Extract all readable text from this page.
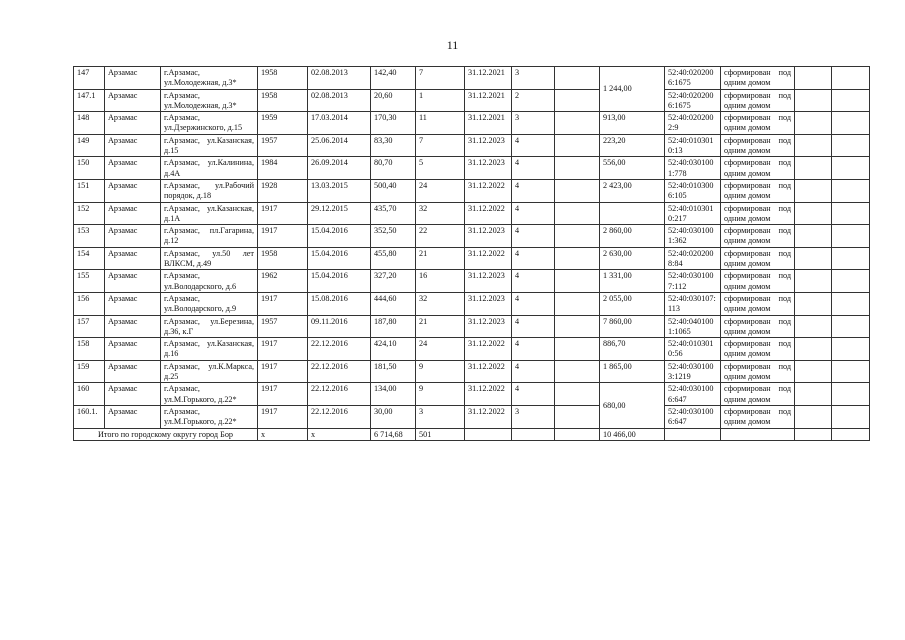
11
147	Арзамас	г.Арзамас, ул.Молодежная, д.3*	1958	02.08.2013	142,40	7	31.12.2021	3		1 244,00	52:40:0202006:1675	сформирован под одним домом		
147.1	Арзамас	г.Арзамас, ул.Молодежная, д.3*	1958	02.08.2013	20,60	1	31.12.2021	2			52:40:0202006:1675	сформирован под одним домом		
148	Арзамас	г.Арзамас, ул.Дзержинского, д.15	1959	17.03.2014	170,30	11	31.12.2021	3		913,00	52:40:0202002:9	сформирован под одним домом		
149	Арзамас	г.Арзамас, ул.Казанская, д.15	1957	25.06.2014	83,30	7	31.12.2023	4		223,20	52:40:0103010:13	сформирован под одним домом		
150	Арзамас	г.Арзамас, ул.Калинина, д.4А	1984	26.09.2014	80,70	5	31.12.2023	4		556,00	52:40:0301001:778	сформирован под одним домом		
151	Арзамас	г.Арзамас, ул.Рабочий порядок, д.18	1928	13.03.2015	500,40	24	31.12.2022	4		2 423,00	52:40:0103006:105	сформирован под одним домом		
152	Арзамас	г.Арзамас, ул.Казанская, д.1А	1917	29.12.2015	435,70	32	31.12.2022	4			52:40:0103010:217	сформирован под одним домом		
153	Арзамас	г.Арзамас, пл.Гагарина, д.12	1917	15.04.2016	352,50	22	31.12.2023	4		2 860,00	52:40:0301001:362	сформирован под одним домом		
154	Арзамас	г.Арзамас, ул.50 лет ВЛКСМ, д.49	1958	15.04.2016	455,80	21	31.12.2022	4		2 630,00	52:40:0202008:84	сформирован под одним домом		
155	Арзамас	г.Арзамас, ул.Володарского, д.6	1962	15.04.2016	327,20	16	31.12.2023	4		1 331,00	52:40:0301007:112	сформирован под одним домом		
156	Арзамас	г.Арзамас, ул.Володарского, д.9	1917	15.08.2016	444,60	32	31.12.2023	4		2 055,00	52:40:030107:113	сформирован под одним домом		
157	Арзамас	г.Арзамас, ул.Березина, д.36, к.Г	1957	09.11.2016	187,80	21	31.12.2023	4		7 860,00	52:40:0401001:1065	сформирован под одним домом		
158	Арзамас	г.Арзамас, ул.Казанская, д.16	1917	22.12.2016	424,10	24	31.12.2022	4		886,70	52:40:0103010:56	сформирован под одним домом		
159	Арзамас	г.Арзамас, ул.К.Маркса, д.25	1917	22.12.2016	181,50	9	31.12.2022	4		1 865,00	52:40:0301003:1219	сформирован под одним домом		
160	Арзамас	г.Арзамас, ул.М.Горького, д.22*	1917	22.12.2016	134,00	9	31.12.2022	4		680,00	52:40:0301006:647	сформирован под одним домом		
160.1.	Арзамас	г.Арзамас, ул.М.Горького, д.22*	1917	22.12.2016	30,00	3	31.12.2022	3			52:40:0301006:647	сформирован под одним домом		
Итого по городскому округу город Бор			х	х	6 714,68	501				10 466,00				
